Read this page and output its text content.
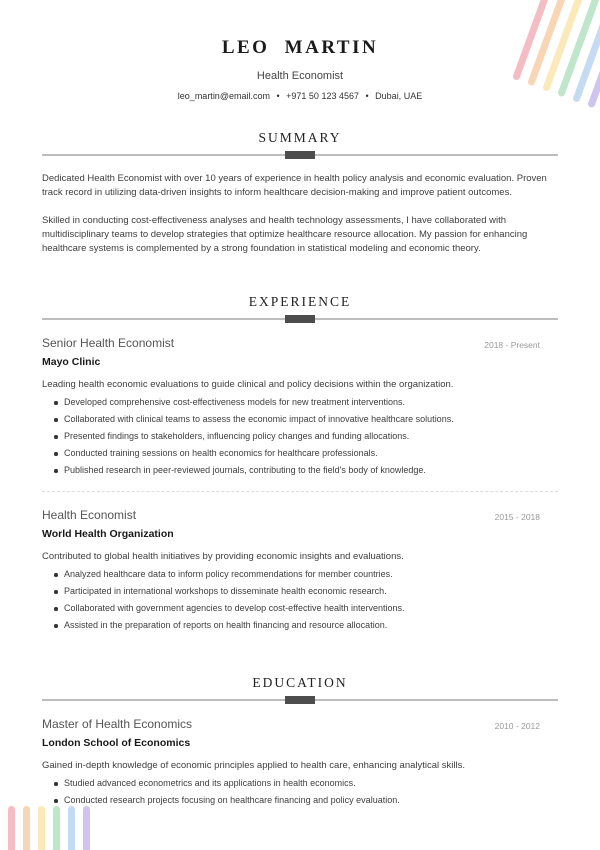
LEO MARTIN
Health Economist
leo_martin@email.com • +971 50 123 4567 • Dubai, UAE
SUMMARY

Dedicated Health Economist with over 10 years of experience in health policy analysis and economic evaluation. Proven track record in utilizing data-driven insights to inform healthcare decision-making and improve patient outcomes.

Skilled in conducting cost-effectiveness analyses and health technology assessments, I have collaborated with multidisciplinary teams to develop strategies that optimize healthcare resource allocation. My passion for enhancing healthcare systems is complemented by a strong foundation in statistical modeling and economic theory.

EXPERIENCE
Senior Health Economist	2018 - Present
Mayo Clinic
Leading health economic evaluations to guide clinical and policy decisions within the organization.
Developed comprehensive cost-effectiveness models for new treatment interventions.
Collaborated with clinical teams to assess the economic impact of innovative healthcare solutions.
Presented findings to stakeholders, influencing policy changes and funding allocations.
Conducted training sessions on health economics for healthcare professionals.
Published research in peer-reviewed journals, contributing to the field's body of knowledge.
Health Economist	2015 - 2018
World Health Organization
Contributed to global health initiatives by providing economic insights and evaluations.
Analyzed healthcare data to inform policy recommendations for member countries.
Participated in international workshops to disseminate health economic research.
Collaborated with government agencies to develop cost-effective health interventions.
Assisted in the preparation of reports on health financing and resource allocation.
EDUCATION
Master of Health Economics	2010 - 2012
London School of Economics
Gained in-depth knowledge of economic principles applied to health care, enhancing analytical skills.
Studied advanced econometrics and its applications in health economics.
Conducted research projects focusing on healthcare financing and policy evaluation.
